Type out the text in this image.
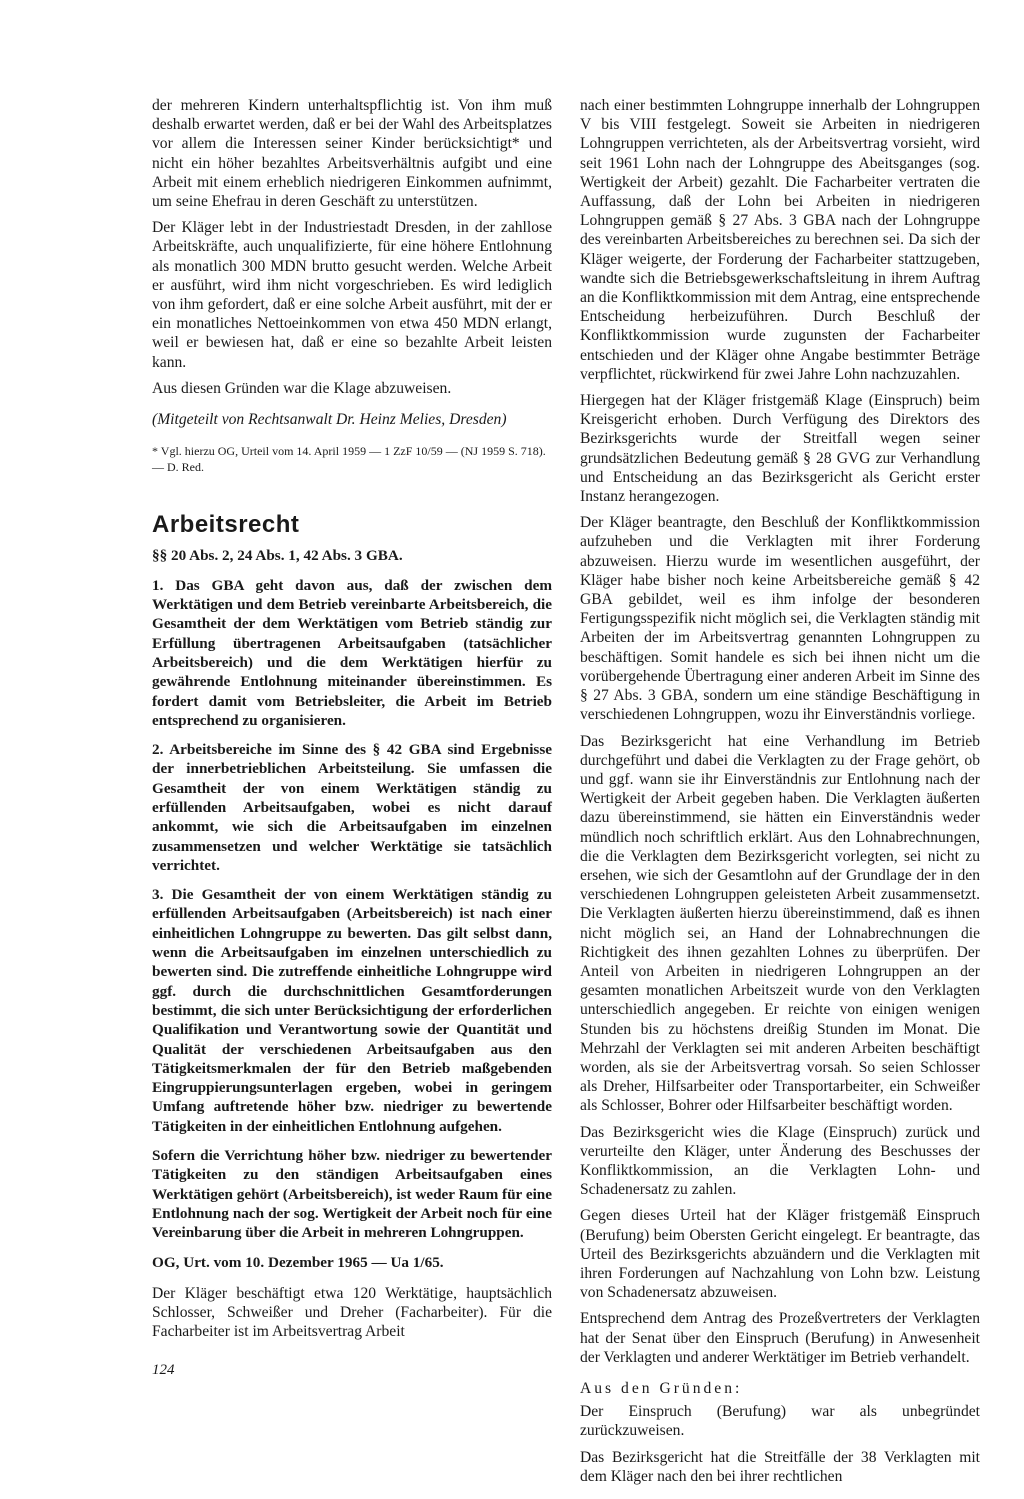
der mehreren Kindern unterhaltspflichtig ist. Von ihm muß deshalb erwartet werden, daß er bei der Wahl des Arbeitsplatzes vor allem die Interessen seiner Kinder berücksichtigt* und nicht ein höher bezahltes Arbeitsverhältnis aufgibt und eine Arbeit mit einem erheblich niedrigeren Einkommen aufnimmt, um seine Ehefrau in deren Geschäft zu unterstützen.

Der Kläger lebt in der Industriestadt Dresden, in der zahllose Arbeitskräfte, auch unqualifizierte, für eine höhere Entlohnung als monatlich 300 MDN brutto gesucht werden. Welche Arbeit er ausführt, wird ihm nicht vorgeschrieben. Es wird lediglich von ihm gefordert, daß er eine solche Arbeit ausführt, mit der er ein monatliches Nettoeinkommen von etwa 450 MDN erlangt, weil er bewiesen hat, daß er eine so bezahlte Arbeit leisten kann.

Aus diesen Gründen war die Klage abzuweisen.

(Mitgeteilt von Rechtsanwalt Dr. Heinz Melies, Dresden)

* Vgl. hierzu OG, Urteil vom 14. April 1959 — 1 ZzF 10/59 — (NJ 1959 S. 718). — D. Red.

Arbeitsrecht

§§ 20 Abs. 2, 24 Abs. 1, 42 Abs. 3 GBA.

1. Das GBA geht davon aus, daß der zwischen dem Werktätigen und dem Betrieb vereinbarte Arbeitsbereich, die Gesamtheit der dem Werktätigen vom Betrieb ständig zur Erfüllung übertragenen Arbeitsaufgaben (tatsächlicher Arbeitsbereich) und die dem Werktätigen hierfür zu gewährende Entlohnung miteinander übereinstimmen. Es fordert damit vom Betriebsleiter, die Arbeit im Betrieb entsprechend zu organisieren.

2. Arbeitsbereiche im Sinne des § 42 GBA sind Ergebnisse der innerbetrieblichen Arbeitsteilung. Sie umfassen die Gesamtheit der von einem Werktätigen ständig zu erfüllenden Arbeitsaufgaben, wobei es nicht darauf ankommt, wie sich die Arbeitsaufgaben im einzelnen zusammensetzen und welcher Werktätige sie tatsächlich verrichtet.

3. Die Gesamtheit der von einem Werktätigen ständig zu erfüllenden Arbeitsaufgaben (Arbeitsbereich) ist nach einer einheitlichen Lohngruppe zu bewerten. Das gilt selbst dann, wenn die Arbeitsaufgaben im einzelnen unterschiedlich zu bewerten sind. Die zutreffende einheitliche Lohngruppe wird ggf. durch die durchschnittlichen Gesamtforderungen bestimmt, die sich unter Berücksichtigung der erforderlichen Qualifikation und Verantwortung sowie der Quantität und Qualität der verschiedenen Arbeitsaufgaben aus den Tätigkeitsmerkmalen der für den Betrieb maßgebenden Eingruppierungsunterlagen ergeben, wobei in geringem Umfang auftretende höher bzw. niedriger zu bewertende Tätigkeiten in der einheitlichen Entlohnung aufgehen.

Sofern die Verrichtung höher bzw. niedriger zu bewertender Tätigkeiten zu den ständigen Arbeitsaufgaben eines Werktätigen gehört (Arbeitsbereich), ist weder Raum für eine Entlohnung nach der sog. Wertigkeit der Arbeit noch für eine Vereinbarung über die Arbeit in mehreren Lohngruppen.

OG, Urt. vom 10. Dezember 1965 — Ua 1/65.

Der Kläger beschäftigt etwa 120 Werktätige, hauptsächlich Schlosser, Schweißer und Dreher (Facharbeiter). Für die Facharbeiter ist im Arbeitsvertrag Arbeit

nach einer bestimmten Lohngruppe innerhalb der Lohngruppen V bis VIII festgelegt. Soweit sie Arbeiten in niedrigeren Lohngruppen verrichteten, als der Arbeitsvertrag vorsieht, wird seit 1961 Lohn nach der Lohngruppe des Abeitsganges (sog. Wertigkeit der Arbeit) gezahlt. Die Facharbeiter vertraten die Auffassung, daß der Lohn bei Arbeiten in niedrigeren Lohngruppen gemäß § 27 Abs. 3 GBA nach der Lohngruppe des vereinbarten Arbeitsbereiches zu berechnen sei. Da sich der Kläger weigerte, der Forderung der Facharbeiter stattzugeben, wandte sich die Betriebsgewerkschaftsleitung in ihrem Auftrag an die Konfliktkommission mit dem Antrag, eine entsprechende Entscheidung herbeizuführen. Durch Beschluß der Konfliktkommission wurde zugunsten der Facharbeiter entschieden und der Kläger ohne Angabe bestimmter Beträge verpflichtet, rückwirkend für zwei Jahre Lohn nachzuzahlen.

Hiergegen hat der Kläger fristgemäß Klage (Einspruch) beim Kreisgericht erhoben. Durch Verfügung des Direktors des Bezirksgerichts wurde der Streitfall wegen seiner grundsätzlichen Bedeutung gemäß § 28 GVG zur Verhandlung und Entscheidung an das Bezirksgericht als Gericht erster Instanz herangezogen.

Der Kläger beantragte, den Beschluß der Konfliktkommission aufzuheben und die Verklagten mit ihrer Forderung abzuweisen. Hierzu wurde im wesentlichen ausgeführt, der Kläger habe bisher noch keine Arbeitsbereiche gemäß § 42 GBA gebildet, weil es ihm infolge der besonderen Fertigungsspezifik nicht möglich sei, die Verklagten ständig mit Arbeiten der im Arbeitsvertrag genannten Lohngruppen zu beschäftigen. Somit handele es sich bei ihnen nicht um die vorübergehende Übertragung einer anderen Arbeit im Sinne des § 27 Abs. 3 GBA, sondern um eine ständige Beschäftigung in verschiedenen Lohngruppen, wozu ihr Einverständnis vorliege.

Das Bezirksgericht hat eine Verhandlung im Betrieb durchgeführt und dabei die Verklagten zu der Frage gehört, ob und ggf. wann sie ihr Einverständnis zur Entlohnung nach der Wertigkeit der Arbeit gegeben haben. Die Verklagten äußerten dazu übereinstimmend, sie hätten ein Einverständnis weder mündlich noch schriftlich erklärt. Aus den Lohnabrechnungen, die die Verklagten dem Bezirksgericht vorlegten, sei nicht zu ersehen, wie sich der Gesamtlohn auf der Grundlage der in den verschiedenen Lohngruppen geleisteten Arbeit zusammensetzt. Die Verklagten äußerten hierzu übereinstimmend, daß es ihnen nicht möglich sei, an Hand der Lohnabrechnungen die Richtigkeit des ihnen gezahlten Lohnes zu überprüfen. Der Anteil von Arbeiten in niedrigeren Lohngruppen an der gesamten monatlichen Arbeitszeit wurde von den Verklagten unterschiedlich angegeben. Er reichte von einigen wenigen Stunden bis zu höchstens dreißig Stunden im Monat. Die Mehrzahl der Verklagten sei mit anderen Arbeiten beschäftigt worden, als sie der Arbeitsvertrag vorsah. So seien Schlosser als Dreher, Hilfsarbeiter oder Transportarbeiter, ein Schweißer als Schlosser, Bohrer oder Hilfsarbeiter beschäftigt worden.

Das Bezirksgericht wies die Klage (Einspruch) zurück und verurteilte den Kläger, unter Änderung des Beschusses der Konfliktkommission, an die Verklagten Lohn- und Schadenersatz zu zahlen.

Gegen dieses Urteil hat der Kläger fristgemäß Einspruch (Berufung) beim Obersten Gericht eingelegt. Er beantragte, das Urteil des Bezirksgerichts abzuändern und die Verklagten mit ihren Forderungen auf Nachzahlung von Lohn bzw. Leistung von Schadenersatz abzuweisen.

Entsprechend dem Antrag des Prozeßvertreters der Verklagten hat der Senat über den Einspruch (Berufung) in Anwesenheit der Verklagten und anderer Werktätiger im Betrieb verhandelt.

Aus den Gründen:

Der Einspruch (Berufung) war als unbegründet zurückzuweisen.

Das Bezirksgericht hat die Streitfälle der 38 Verklagten mit dem Kläger nach den bei ihrer rechtlichen

124
